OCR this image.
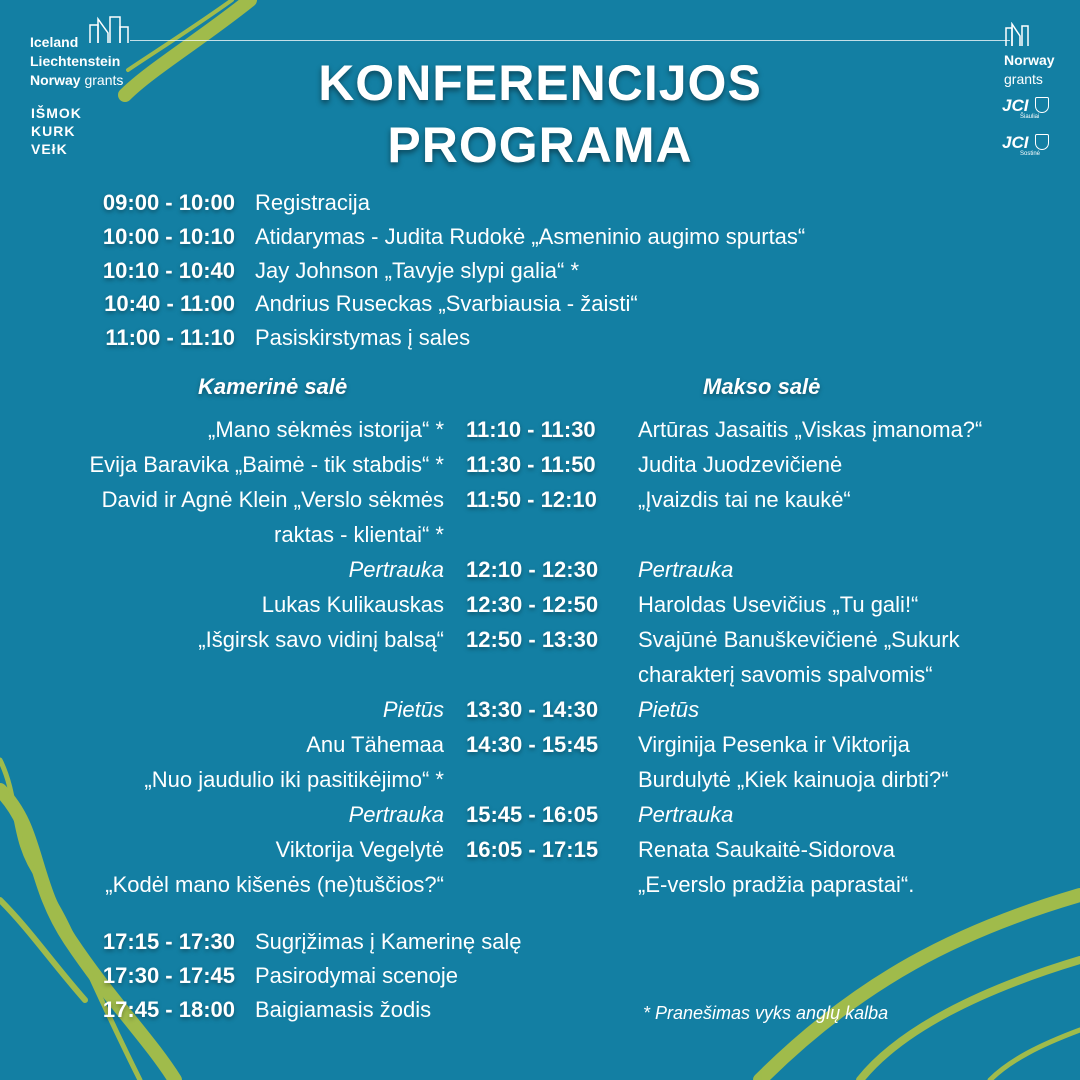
Iceland
Liechtenstein
Norway grants
IŠMOK
KURK
VEłK
Norway
grants
JCI
Šiauliai
JCI
Sostinė
KONFERENCIJOS
PROGRAMA
09:00 - 10:00 Registracija
10:00 - 10:10 Atidarymas - Judita Rudokė „Asmeninio augimo spurtas“
10:10 - 10:40 Jay Johnson „Tavyje slypi galia“ *
10:40 - 11:00 Andrius Ruseckas „Svarbiausia - žaisti“
11:00 - 11:10 Pasiskirstymas į sales
Kamerinė salė	Makso salė
„Mano sėkmės istorija“ * 11:10 - 11:30 Artūras Jasaitis „Viskas įmanoma?“
Evija Baravika „Baimė - tik stabdis“ * 11:30 - 11:50 Judita Juodzevičienė
David ir Agnė Klein „Verslo sėkmės
raktas - klientai“ *
11:50 - 12:10 „Įvaizdis tai ne kaukė“
Pertrauka 12:10 - 12:30 Pertrauka
Lukas Kulikauskas 12:30 - 12:50 Haroldas Usevičius „Tu gali!“
„Išgirsk savo vidinį balsą“ 12:50 - 13:30 Svajūnė Banuškevičienė „Sukurk
charakterį savomis spalvomis“
Pietūs 13:30 - 14:30 Pietūs
Anu Tähemaa
„Nuo jaudulio iki pasitikėjimo“ *
14:30 - 15:45 Virginija Pesenka ir Viktorija
Burdulytė „Kiek kainuoja dirbti?“
Pertrauka 15:45 - 16:05 Pertrauka
Viktorija Vegelytė
„Kodėl mano kišenės (ne)tuščios?“
16:05 - 17:15 Renata Saukaitė-Sidorova
„E-verslo pradžia paprastai“.
17:15 - 17:30 Sugrįžimas į Kamerinę salę
17:30 - 17:45 Pasirodymai scenoje
17:45 - 18:00 Baigiamasis žodis	* Pranešimas vyks anglų kalba
